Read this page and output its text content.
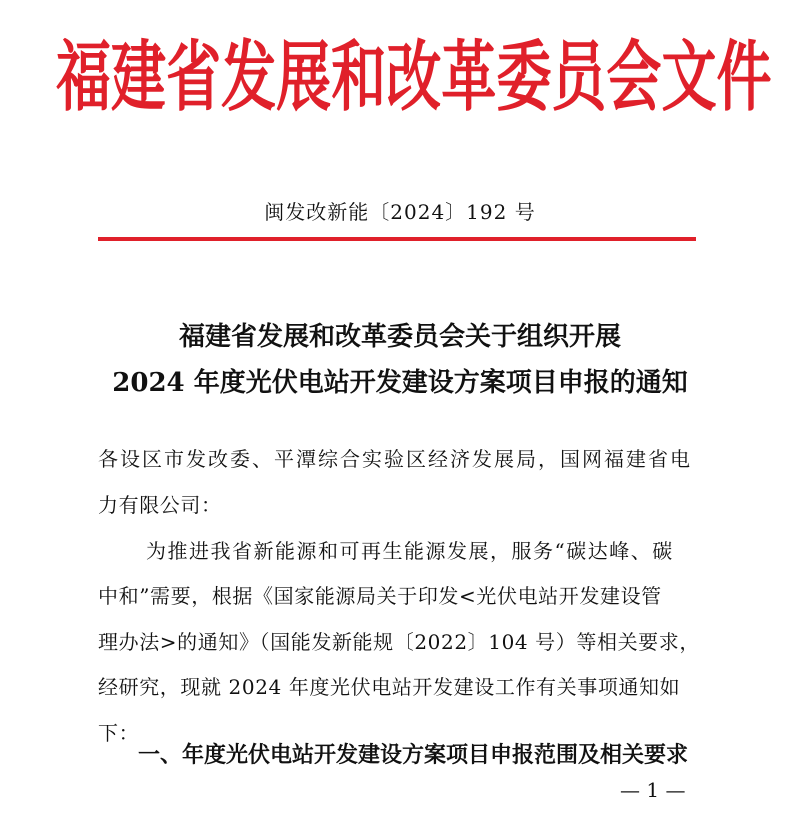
福建省发展和改革委员会文件
闽发改新能〔2024〕192 号
福建省发展和改革委员会关于组织开展
2024 年度光伏电站开发建设方案项目申报的通知
各设区市发改委、平潭综合实验区经济发展局，国网福建省电
力有限公司：
为推进我省新能源和可再生能源发展，服务“碳达峰、碳
中和”需要，根据《国家能源局关于印发<光伏电站开发建设管
理办法>的通知》（国能发新能规〔2022〕104 号）等相关要求，
经研究，现就 2024 年度光伏电站开发建设工作有关事项通知如
下：
一、年度光伏电站开发建设方案项目申报范围及相关要求
— 1 —
